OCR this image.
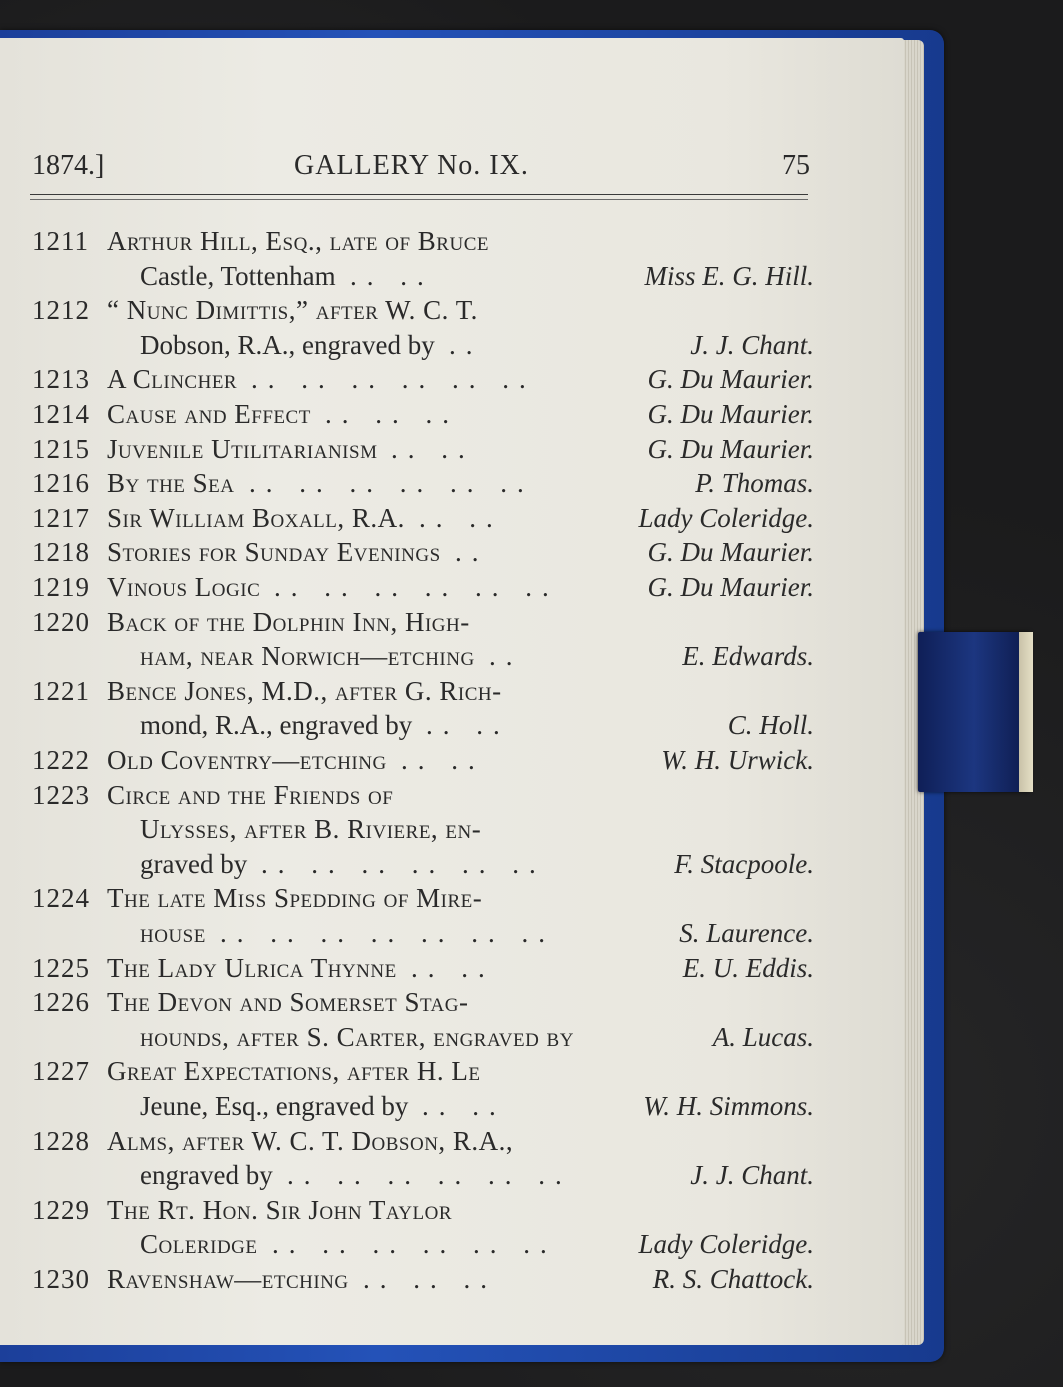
1874.]	GALLERY No. IX.	75
1211 Arthur Hill, Esq., late of Bruce
Castle, Tottenham .. ..	Miss E. G. Hill.
1212 “ Nunc Dimittis,” after W. C. T.
Dobson, R.A., engraved by ..	J. J. Chant.
1213 A Clincher .. .. .. .. .. ..	G. Du Maurier.
1214 Cause and Effect .. .. ..	G. Du Maurier.
1215 Juvenile Utilitarianism .. ..	G. Du Maurier.
1216 By the Sea .. .. .. .. .. ..	P. Thomas.
1217 Sir William Boxall, R.A. .. ..	Lady Coleridge.
1218 Stories for Sunday Evenings ..	G. Du Maurier.
1219 Vinous Logic .. .. .. .. .. ..	G. Du Maurier.
1220 Back of the Dolphin Inn, High-
ham, near Norwich—etching ..	E. Edwards.
1221 Bence Jones, M.D., after G. Rich-
mond, R.A., engraved by .. ..	C. Holl.
1222 Old Coventry—etching .. ..	W. H. Urwick.
1223 Circe and the Friends of
Ulysses, after B. Riviere, en-
graved by .. .. .. .. .. ..	F. Stacpoole.
1224 The late Miss Spedding of Mire-
house .. .. .. .. .. .. ..	S. Laurence.
1225 The Lady Ulrica Thynne .. ..	E. U. Eddis.
1226 The Devon and Somerset Stag-
hounds, after S. Carter, engraved by	A. Lucas.
1227 Great Expectations, after H. Le
Jeune, Esq., engraved by .. ..	W. H. Simmons.
1228 Alms, after W. C. T. Dobson, R.A.,
engraved by .. .. .. .. .. ..	J. J. Chant.
1229 The Rt. Hon. Sir John Taylor
Coleridge .. .. .. .. .. ..	Lady Coleridge.
1230 Ravenshaw—etching .. .. ..	R. S. Chattock.
